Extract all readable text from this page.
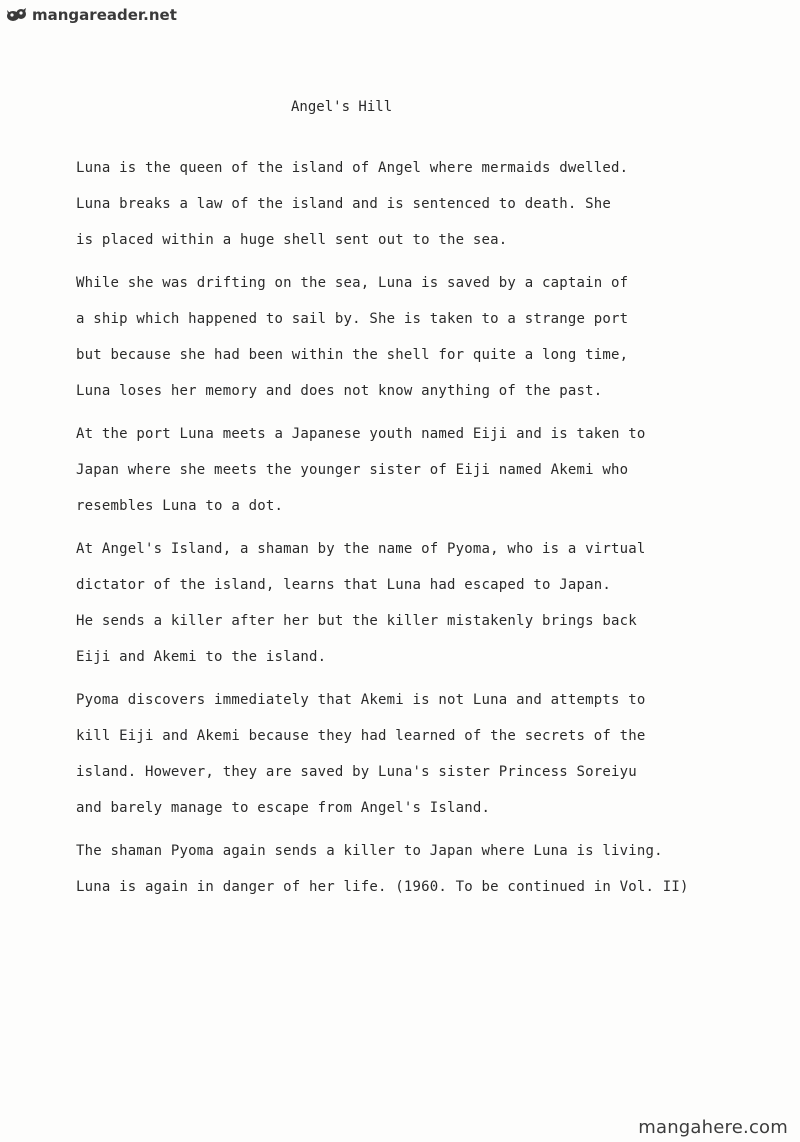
mangareader.net
Angel's Hill
Luna is the queen of the island of Angel where mermaids dwelled.
Luna breaks a law of the island and is sentenced to death. She
is placed within a huge shell sent out to the sea.
While she was drifting on the sea, Luna is saved by a captain of
a ship which happened to sail by. She is taken to a strange port
but because she had been within the shell for quite a long time,
Luna loses her memory and does not know anything of the past.
At the port Luna meets a Japanese youth named Eiji and is taken to
Japan where she meets the younger sister of Eiji named Akemi who
resembles Luna to a dot.
At Angel's Island, a shaman by the name of Pyoma, who is a virtual
dictator of the island, learns that Luna had escaped to Japan.
He sends a killer after her but the killer mistakenly brings back
Eiji and Akemi to the island.
Pyoma discovers immediately that Akemi is not Luna and attempts to
kill Eiji and Akemi because they had learned of the secrets of the
island. However, they are saved by Luna's sister Princess Soreiyu
and barely manage to escape from Angel's Island.
The shaman Pyoma again sends a killer to Japan where Luna is living.
Luna is again in danger of her life. (1960. To be continued in Vol. II)
mangahere.com
